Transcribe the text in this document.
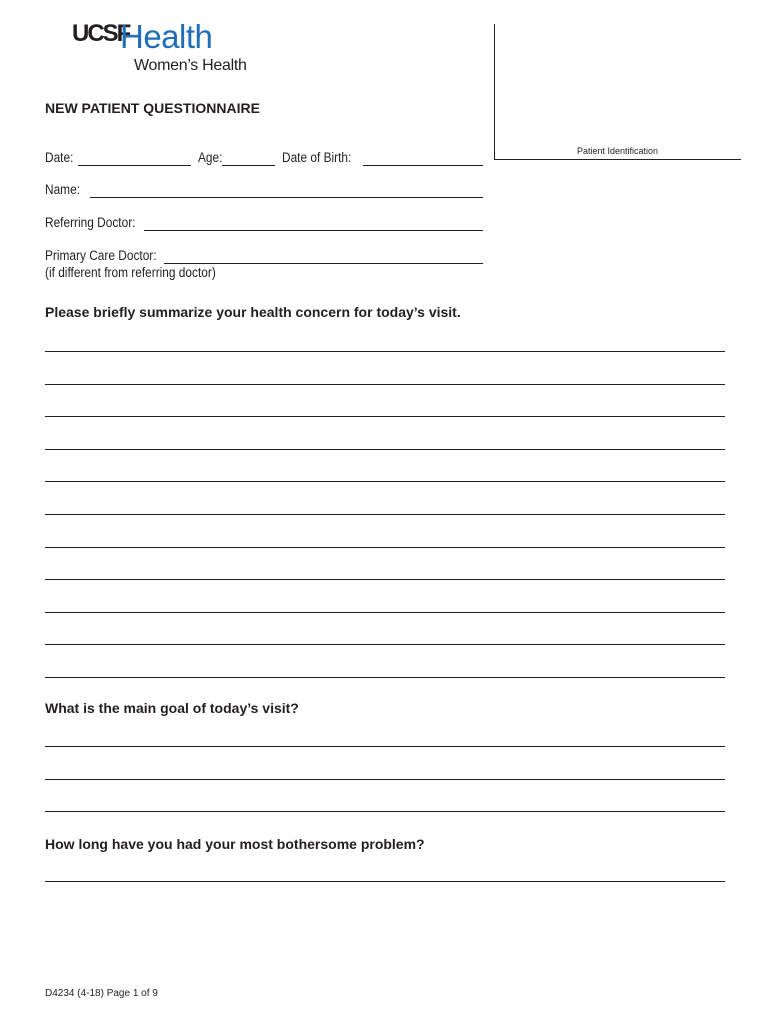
UCSF
Health
Women’s Health
Patient Identification
NEW PATIENT QUESTIONNAIRE
Date:	Age:	Date of Birth:
Name:
Referring Doctor:
Primary Care Doctor:
(if different from referring doctor)
Please briefly summarize your health concern for today’s visit.
What is the main goal of today’s visit?
How long have you had your most bothersome problem?
D4234 (4-18) Page 1 of 9
